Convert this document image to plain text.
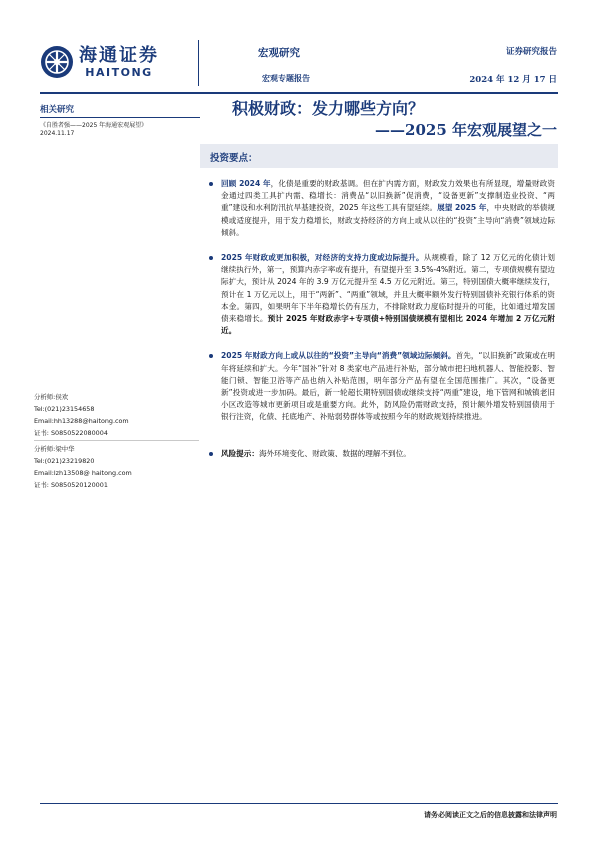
海通证券
HAITONG
宏观研究
宏观专题报告
证券研究报告
2024 年 12 月 17 日
相关研究
《自胜者强——2025 年海通宏观展望》
2024.11.17
积极财政：发力哪些方向？
——2025 年宏观展望之一
投资要点：
回顾 2024 年，化债是重要的财政基调。但在扩内需方面，财政发力效果也有所显现，增量财政资金通过四类工具扩内需、稳增长：消费品“以旧换新”促消费，“设备更新”支撑制造业投资、“两重”建设和水利防汛抗旱基建投资，2025 年这些工具有望延续。展望 2025 年，中央财政的举债规模或适度提升，用于发力稳增长，财政支持经济的方向上或从以往的“投资”主导向“消费”领域边际倾斜。
2025 年财政或更加积极，对经济的支持力度或边际提升。从规模看，除了 12 万亿元的化债计划继续执行外，第一，预算内赤字率或有提升，有望提升至 3.5%-4%附近。第二，专项债规模有望边际扩大，预计从 2024 年的 3.9 万亿元提升至 4.5 万亿元附近。第三，特别国债大概率继续发行，预计在 1 万亿元以上，用于“两新”、“两重”领域，并且大概率额外发行特别国债补充银行体系的资本金。第四，如果明年下半年稳增长仍有压力，不排除财政力度临时提升的可能，比如通过增发国债来稳增长。预计 2025 年财政赤字+专项债+特别国债规模有望相比 2024 年增加 2 万亿元附近。
2025 年财政方向上或从以往的“投资”主导向“消费”领域边际倾斜。首先，“以旧换新”政策或在明年将延续和扩大。今年“国补”针对 8 类家电产品进行补贴，部分城市把扫地机器人、智能投影、智能门锁、智能卫浴等产品也纳入补贴范围，明年部分产品有望在全国范围推广。其次，“设备更新”投资或进一步加码。最后，新一轮超长期特别国债或继续支持“两重”建设，地下管网和城镇老旧小区改造等城市更新项目或是重要方向。此外，防风险仍需财政支持，预计额外增发特别国债用于银行注资，化债、托底地产、补贴弱势群体等或按照今年的财政规划持续推进。
风险提示：海外环境变化、财政策、数据的理解不到位。
分析师:侯欢
Tel:(021)23154658
Email:hh13288@haitong.com
证书: S0850522080004
分析师:梁中华
Tel:(021)23219820
Email:lzh13508@ haitong.com
证书: S0850520120001
请务必阅读正文之后的信息披露和法律声明
